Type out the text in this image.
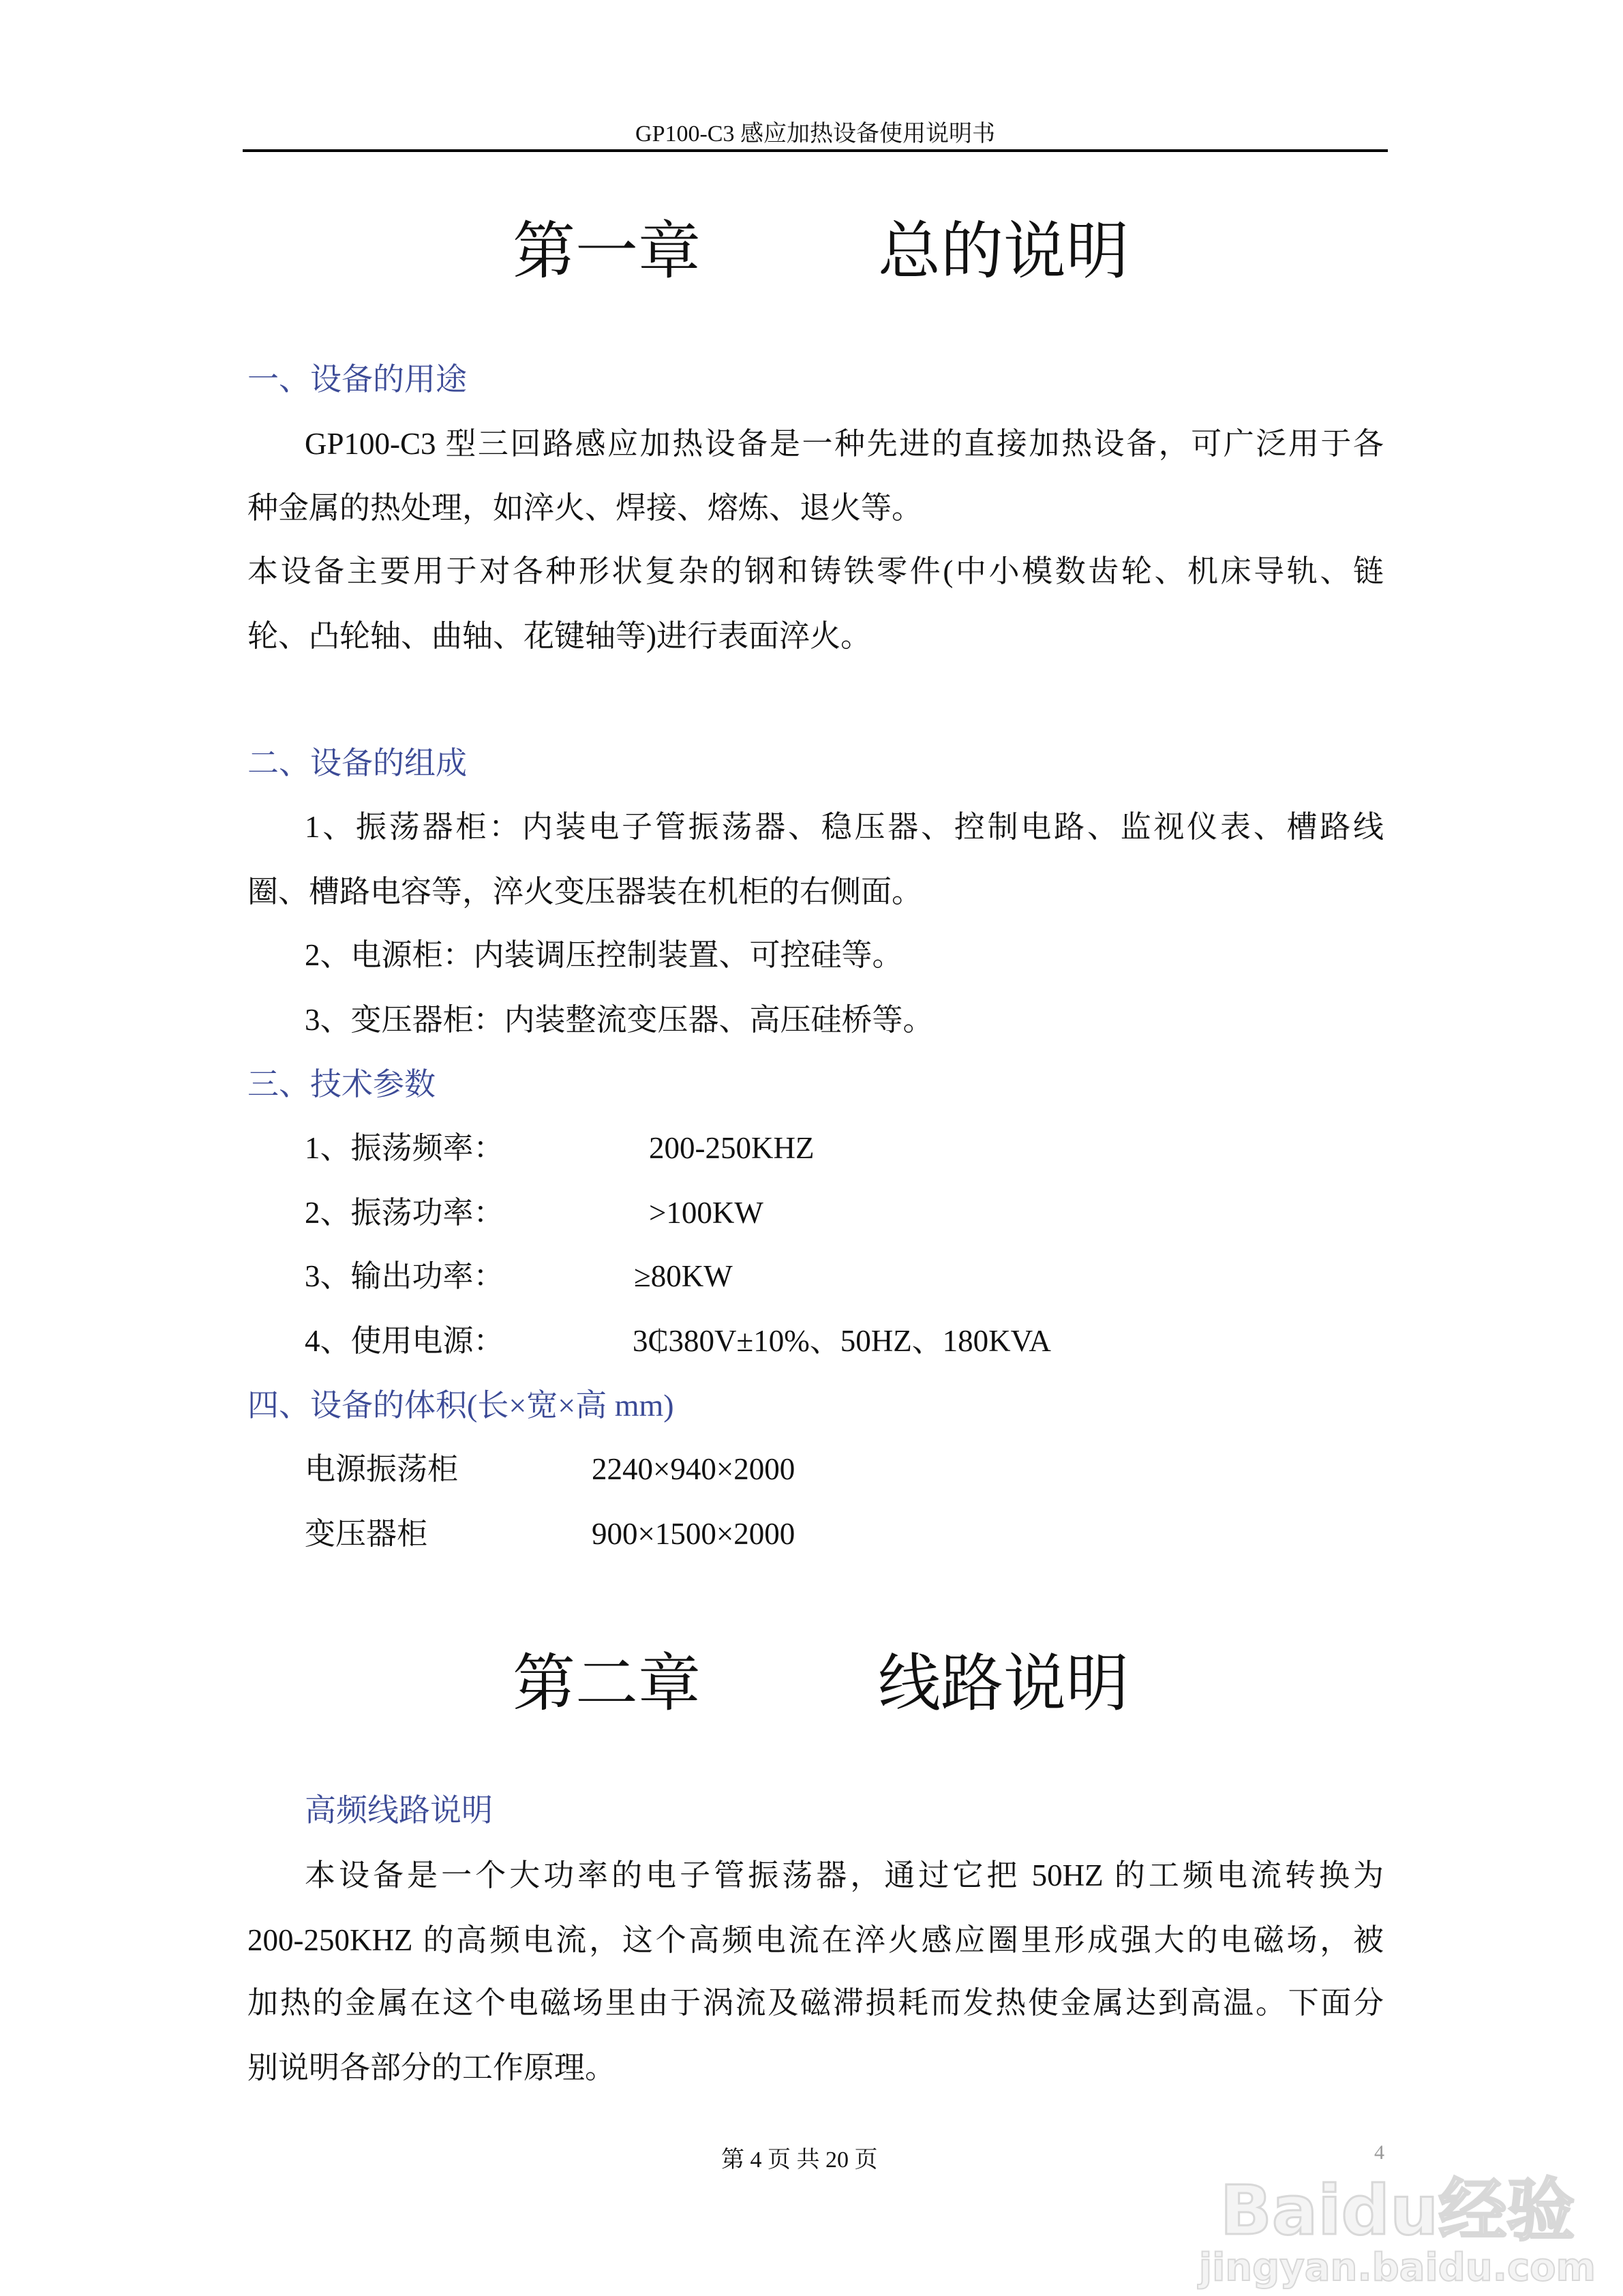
GP100-C3 感应加热设备使用说明书
第一章	总的说明
一、设备的用途
GP100-C3 型三回路感应加热设备是一种先进的直接加热设备，可广泛用于各
种金属的热处理，如淬火、焊接、熔炼、退火等。
本设备主要用于对各种形状复杂的钢和铸铁零件(中小模数齿轮、机床导轨、链
轮、凸轮轴、曲轴、花键轴等)进行表面淬火。
二、设备的组成
1、振荡器柜：内装电子管振荡器、稳压器、控制电路、监视仪表、槽路线
圈、槽路电容等，淬火变压器装在机柜的右侧面。
2、电源柜：内装调压控制装置、可控硅等。
3、变压器柜：内装整流变压器、高压硅桥等。
三、技术参数
1、振荡频率：	200-250KHZ
2、振荡功率：	>100KW
3、输出功率：	≥80KW
4、使用电源：	3₵380V±10%、50HZ、180KVA
四、设备的体积(长×宽×高 mm)
电源振荡柜	2240×940×2000
变压器柜	900×1500×2000
第二章	线路说明
高频线路说明
本设备是一个大功率的电子管振荡器，通过它把 50HZ 的工频电流转换为
200-250KHZ 的高频电流，这个高频电流在淬火感应圈里形成强大的电磁场，被
加热的金属在这个电磁场里由于涡流及磁滞损耗而发热使金属达到高温。下面分
别说明各部分的工作原理。
第 4 页 共 20 页	4
Baidu经验
jingyan.baidu.com
